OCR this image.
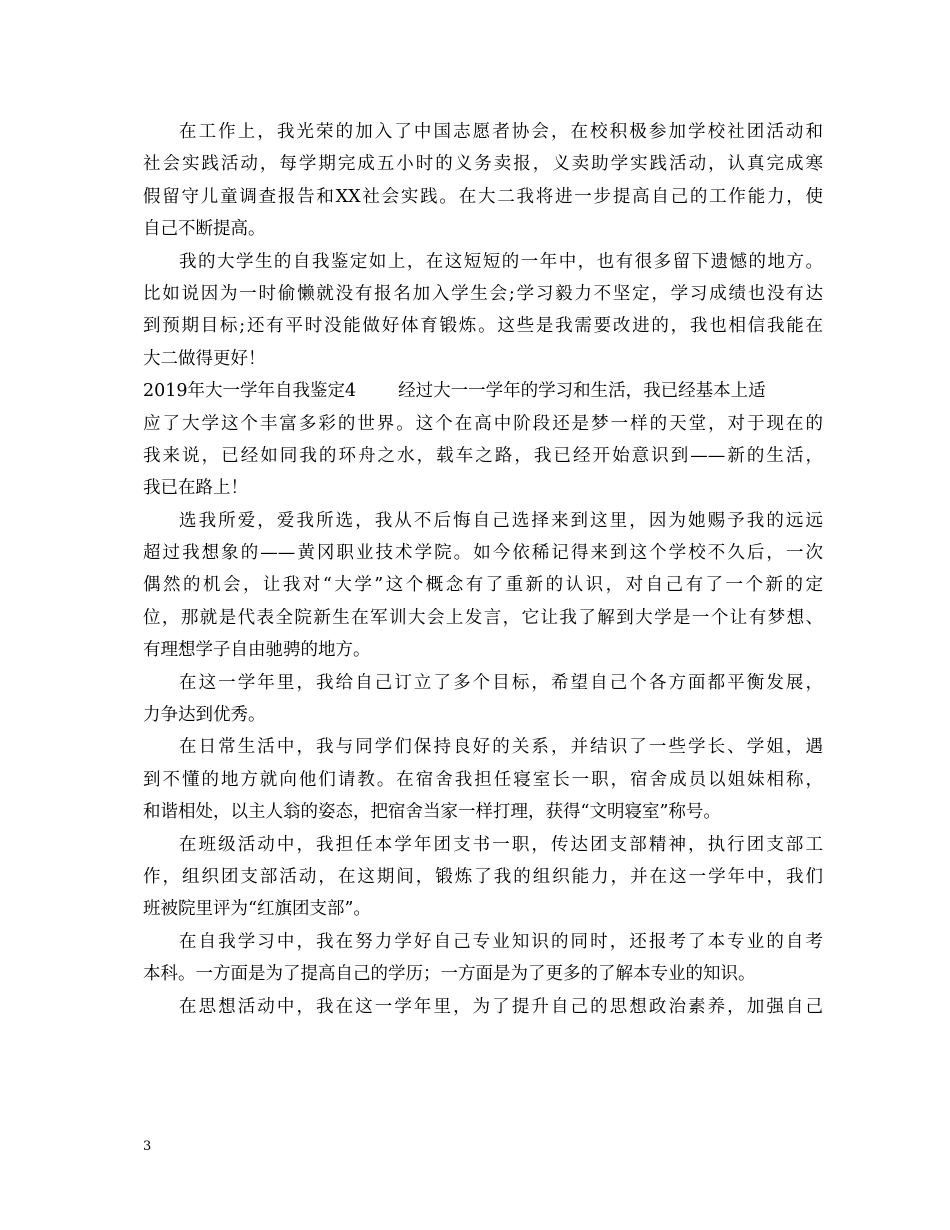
在工作上，我光荣的加入了中国志愿者协会，在校积极参加学校社团活动和
社会实践活动，每学期完成五小时的义务卖报，义卖助学实践活动，认真完成寒
假留守儿童调查报告和XX社会实践。在大二我将进一步提高自己的工作能力，使
自己不断提高。
我的大学生的自我鉴定如上，在这短短的一年中，也有很多留下遗憾的地方。
比如说因为一时偷懒就没有报名加入学生会;学习毅力不坚定，学习成绩也没有达
到预期目标;还有平时没能做好体育锻炼。这些是我需要改进的，我也相信我能在
大二做得更好！
2019年大一学年自我鉴定4 经过大一一学年的学习和生活，我已经基本上适
应了大学这个丰富多彩的世界。这个在高中阶段还是梦一样的天堂，对于现在的
我来说，已经如同我的环舟之水，载车之路，我已经开始意识到——新的生活，
我已在路上！
选我所爱，爱我所选，我从不后悔自己选择来到这里，因为她赐予我的远远
超过我想象的——黄冈职业技术学院。如今依稀记得来到这个学校不久后，一次
偶然的机会，让我对“大学”这个概念有了重新的认识，对自己有了一个新的定
位，那就是代表全院新生在军训大会上发言，它让我了解到大学是一个让有梦想、
有理想学子自由驰骋的地方。
在这一学年里，我给自己订立了多个目标，希望自己个各方面都平衡发展，
力争达到优秀。
在日常生活中，我与同学们保持良好的关系，并结识了一些学长、学姐，遇
到不懂的地方就向他们请教。在宿舍我担任寝室长一职，宿舍成员以姐妹相称，
和谐相处，以主人翁的姿态，把宿舍当家一样打理，获得“文明寝室”称号。
在班级活动中，我担任本学年团支书一职，传达团支部精神，执行团支部工
作，组织团支部活动，在这期间，锻炼了我的组织能力，并在这一学年中，我们
班被院里评为“红旗团支部”。
在自我学习中，我在努力学好自己专业知识的同时，还报考了本专业的自考
本科。一方面是为了提高自己的学历；一方面是为了更多的了解本专业的知识。
在思想活动中，我在这一学年里，为了提升自己的思想政治素养，加强自己
3
